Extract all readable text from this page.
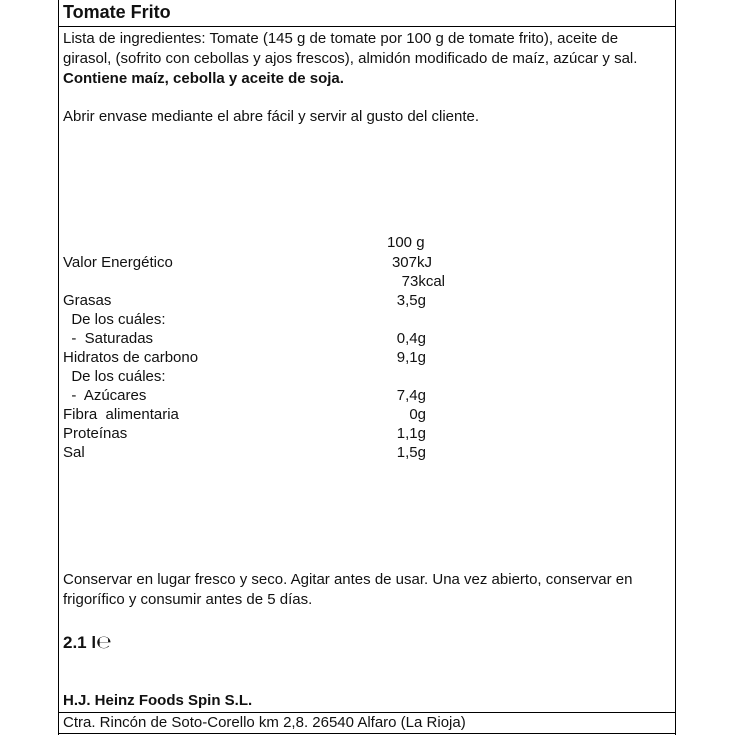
Tomate Frito
Lista de ingredientes: Tomate (145 g de tomate por 100 g de tomate frito), aceite de girasol, (sofrito con cebollas y ajos frescos), almidón modificado de maíz, azúcar y sal. Contiene maíz, cebolla y aceite de soja.
Abrir envase mediante el abre fácil y servir al gusto del cliente.
100 g
Valor Energético	307kJ
73kcal
Grasas	3,5g
De los cuáles:
-  Saturadas	0,4g
Hidratos de carbono	9,1g
De los cuáles:
-  Azúcares	7,4g
Fibra  alimentaria	0g
Proteínas	1,1g
Sal	1,5g
Conservar en lugar fresco y seco. Agitar antes de usar. Una vez abierto, conservar en frigorífico y consumir antes de 5 días.
2.1 l℮
H.J. Heinz Foods Spin S.L.
Ctra. Rincón de Soto-Corello km 2,8. 26540 Alfaro (La Rioja)
